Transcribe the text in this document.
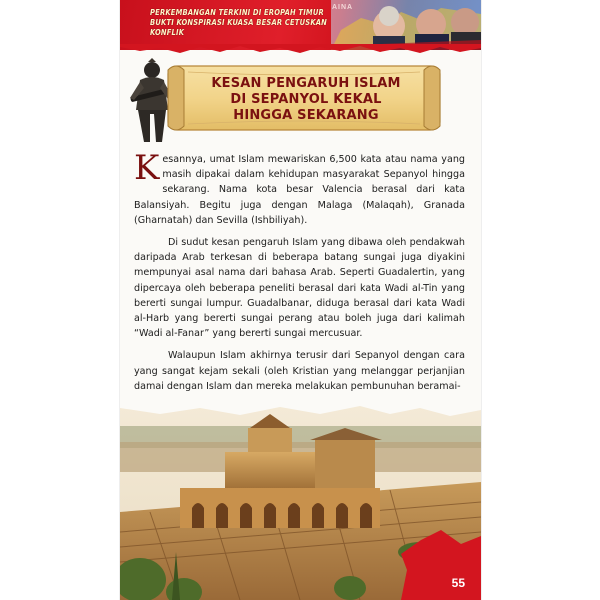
AINA
PERKEMBANGAN TERKINI DI EROPAH TIMUR
BUKTI KONSPIRASI KUASA BESAR CETUSKAN KONFLIK
KESAN PENGARUH ISLAM
DI SEPANYOL KEKAL
HINGGA SEKARANG

Kesannya, umat Islam mewariskan 6,500 kata atau nama yang masih dipakai dalam kehidupan masyarakat Sepanyol hingga sekarang. Nama kota besar Valencia berasal dari kata Balansiyah. Begitu juga dengan Malaga (Malaqah), Granada (Gharnatah) dan Sevilla (Ishbiliyah).

Di sudut kesan pengaruh Islam yang dibawa oleh pendakwah daripada Arab terkesan di beberapa batang sungai juga diyakini mempunyai asal nama dari bahasa Arab. Seperti Guadalertin, yang dipercaya oleh beberapa peneliti berasal dari kata Wadi al-Tin yang bererti sungai lumpur. Guadalbanar, diduga berasal dari kata Wadi al-Harb yang bererti sungai perang atau boleh juga dari kalimah “Wadi al-Fanar” yang bererti sungai mercusuar.

Walaupun Islam akhirnya terusir dari Sepanyol dengan cara yang sangat kejam sekali (oleh Kristian yang melanggar perjanjian damai dengan Islam dan mereka melakukan pembunuhan beramai-

55
